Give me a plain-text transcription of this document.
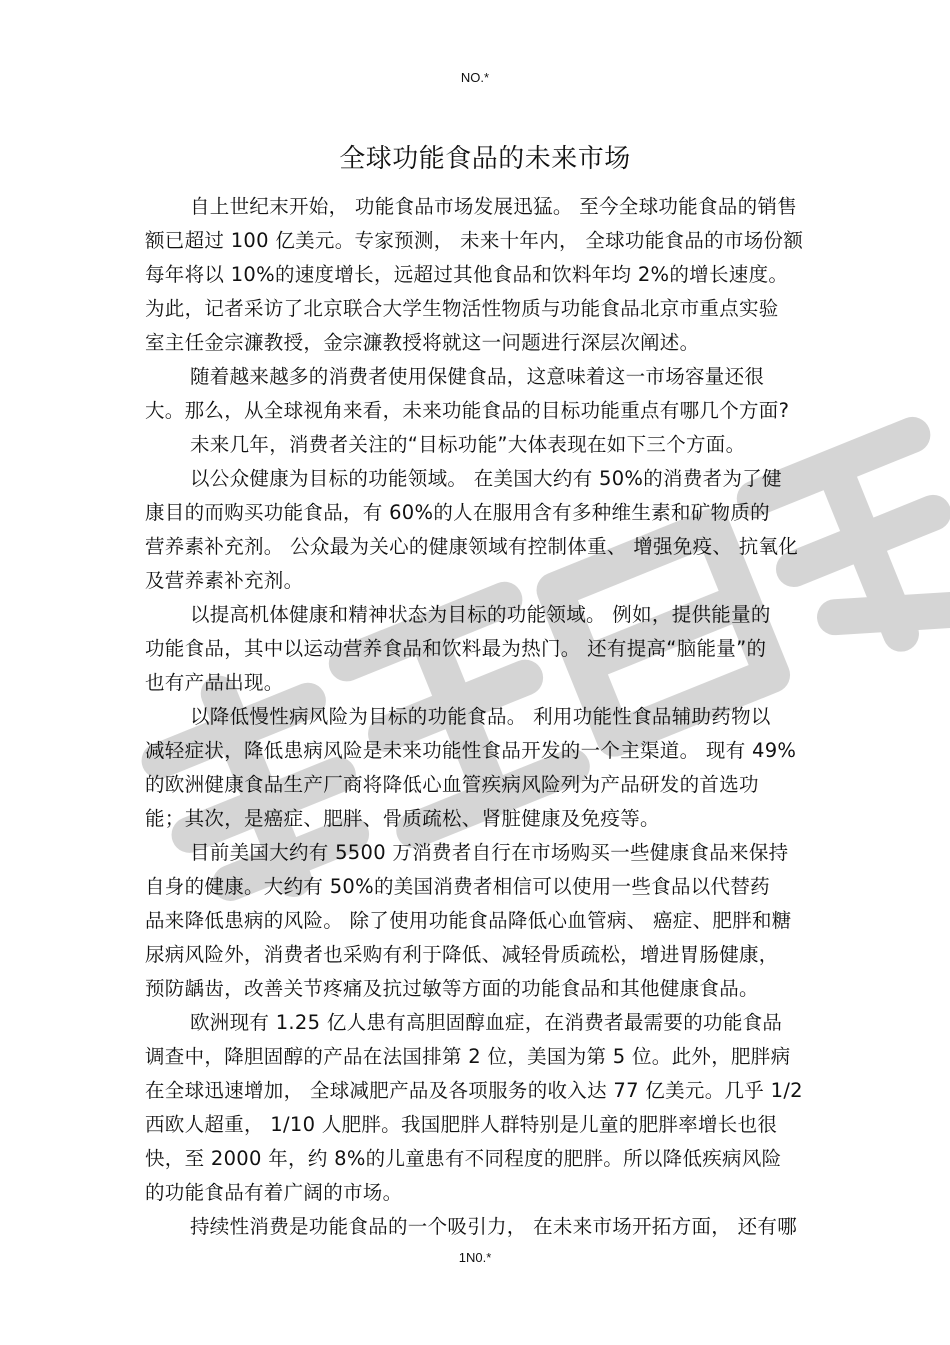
NO.*
全球功能食品的未来市场
自上世纪末开始， 功能食品市场发展迅猛。 至今全球功能食品的销售
额已超过 100 亿美元。专家预测， 未来十年内， 全球功能食品的市场份额
每年将以 10%的速度增长，远超过其他食品和饮料年均 2%的增长速度。
为此，记者采访了北京联合大学生物活性物质与功能食品北京市重点实验
室主任金宗濂教授，金宗濂教授将就这一问题进行深层次阐述。
随着越来越多的消费者使用保健食品，这意味着这一市场容量还很
大。那么，从全球视角来看，未来功能食品的目标功能重点有哪几个方面?
未来几年，消费者关注的“目标功能”大体表现在如下三个方面。
以公众健康为目标的功能领域。 在美国大约有 50%的消费者为了健
康目的而购买功能食品，有 60%的人在服用含有多种维生素和矿物质的
营养素补充剂。 公众最为关心的健康领域有控制体重、 增强免疫、 抗氧化
及营养素补充剂。
以提高机体健康和精神状态为目标的功能领域。 例如，提供能量的
功能食品，其中以运动营养食品和饮料最为热门。 还有提高“脑能量”的
也有产品出现。
以降低慢性病风险为目标的功能食品。 利用功能性食品辅助药物以
减轻症状，降低患病风险是未来功能性食品开发的一个主渠道。 现有 49%
的欧洲健康食品生产厂商将降低心血管疾病风险列为产品研发的首选功
能；其次，是癌症、肥胖、骨质疏松、肾脏健康及免疫等。
目前美国大约有 5500 万消费者自行在市场购买一些健康食品来保持
自身的健康。大约有 50%的美国消费者相信可以使用一些食品以代替药
品来降低患病的风险。 除了使用功能食品降低心血管病、 癌症、肥胖和糖
尿病风险外，消费者也采购有利于降低、减轻骨质疏松，增进胃肠健康，
预防龋齿，改善关节疼痛及抗过敏等方面的功能食品和其他健康食品。
欧洲现有 1.25 亿人患有高胆固醇血症，在消费者最需要的功能食品
调查中，降胆固醇的产品在法国排第 2 位，美国为第 5 位。此外，肥胖病
在全球迅速增加， 全球减肥产品及各项服务的收入达 77 亿美元。几乎 1/2
西欧人超重， 1/10 人肥胖。我国肥胖人群特别是儿童的肥胖率增长也很
快，至 2000 年，约 8%的儿童患有不同程度的肥胖。所以降低疾病风险
的功能食品有着广阔的市场。
持续性消费是功能食品的一个吸引力， 在未来市场开拓方面， 还有哪
1N0.*
